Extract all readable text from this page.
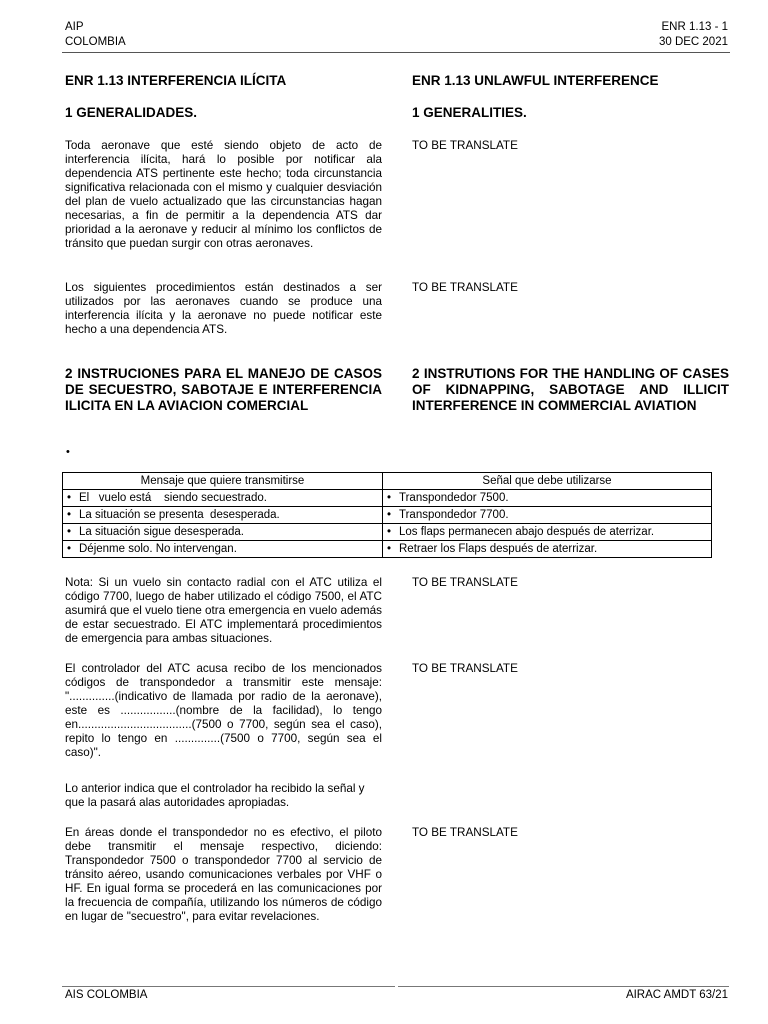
AIP
COLOMBIA
ENR 1.13 - 1
30 DEC 2021
ENR 1.13 INTERFERENCIA ILÍCITA	ENR 1.13 UNLAWFUL INTERFERENCE
1 GENERALIDADES.	1 GENERALITIES.
Toda aeronave que esté siendo objeto de acto de interferencia ilícita, hará lo posible por notificar ala dependencia ATS pertinente este hecho; toda circunstancia significativa relacionada con el mismo y cualquier desviación del plan de vuelo actualizado que las circunstancias hagan necesarias, a fin de permitir a la dependencia ATS dar prioridad a la aeronave y reducir al mínimo los conflictos de tránsito que puedan surgir con otras aeronaves.
TO BE TRANSLATE
Los siguientes procedimientos están destinados a ser utilizados por las aeronaves cuando se produce una interferencia ilícita y la aeronave no puede notificar este hecho a una dependencia ATS.
TO BE TRANSLATE
2 INSTRUCIONES PARA EL MANEJO DE CASOS DE SECUESTRO, SABOTAJE E INTERFERENCIA ILICITA EN LA AVIACION COMERCIAL
2 INSTRUTIONS FOR THE HANDLING OF CASES OF KIDNAPPING, SABOTAGE AND ILLICIT INTERFERENCE IN COMMERCIAL AVIATION
•
Mensaje que quiere transmitirse	Señal que debe utilizarse
• El   vuelo está    siendo secuestrado.	• Transpondedor 7500.
• La situación se presenta  desesperada.	• Transpondedor 7700.
• La situación sigue desesperada.	• Los flaps permanecen abajo después de aterrizar.
• Déjenme solo. No intervengan.	• Retraer los Flaps después de aterrizar.
Nota: Si un vuelo sin contacto radial con el ATC utiliza el código 7700, luego de haber utilizado el código 7500, el ATC asumirá que el vuelo tiene otra emergencia en vuelo además de estar secuestrado. El ATC implementará procedimientos de emergencia para ambas situaciones.
TO BE TRANSLATE
El controlador del ATC acusa recibo de los mencionados códigos de transpondedor a transmitir este mensaje: "..............(indicativo de llamada por radio de la aeronave), este es .................(nombre de la facilidad), lo tengo en...................................(7500 o 7700, según sea el caso), repito lo tengo en ..............(7500 o 7700, según sea el caso)".
TO BE TRANSLATE
Lo anterior indica que el controlador ha recibido la señal y que la pasará alas autoridades apropiadas.
En áreas donde el transpondedor no es efectivo, el piloto debe transmitir el mensaje respectivo, diciendo: Transpondedor 7500 o transpondedor 7700 al servicio de tránsito aéreo, usando comunicaciones verbales por VHF o HF. En igual forma se procederá en las comunicaciones por la frecuencia de compañía, utilizando los números de código en lugar de "secuestro", para evitar revelaciones.
TO BE TRANSLATE
AIS COLOMBIA	AIRAC AMDT 63/21
